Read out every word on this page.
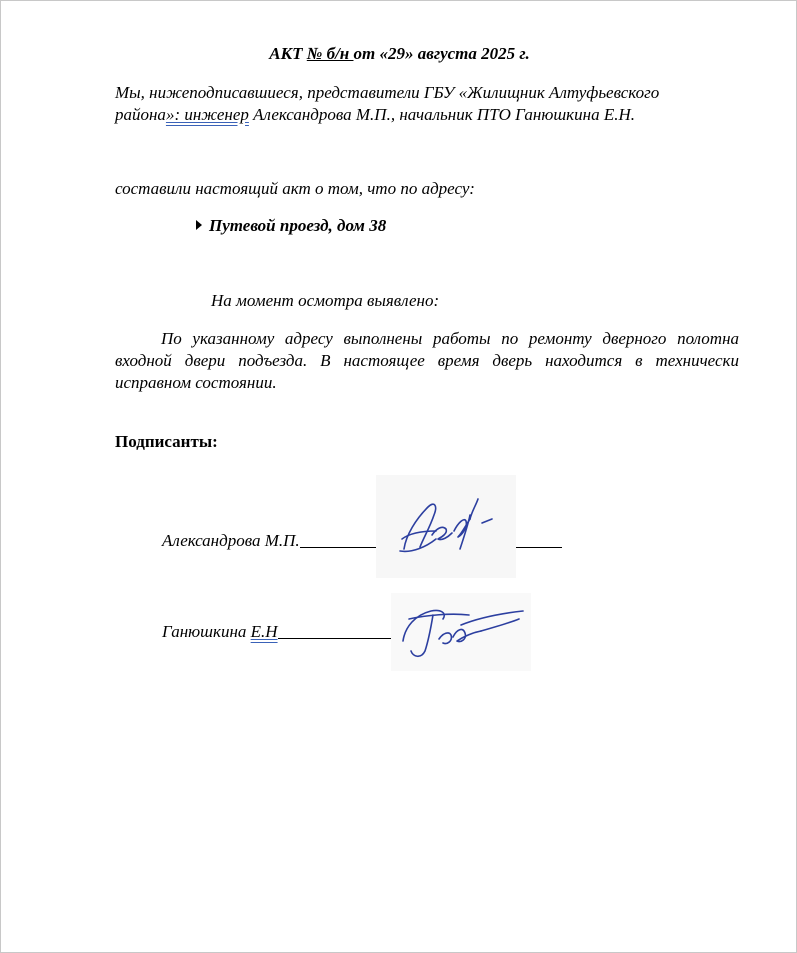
АКТ № б/н от «29» августа 2025 г.
Мы, нижеподписавшиеся, представители ГБУ «Жилищник Алтуфьевского
района»: инженер Александрова М.П., начальник ПТО Ганюшкина Е.Н.
составили настоящий акт о том, что по адресу:
Путевой проезд, дом 38
На момент осмотра выявлено:
По указанному адресу выполнены работы по ремонту дверного полотна входной двери подъезда. В настоящее время дверь находится в технически исправном состоянии.
Подписанты:
Александрова М.П.
Ганюшкина Е.Н
